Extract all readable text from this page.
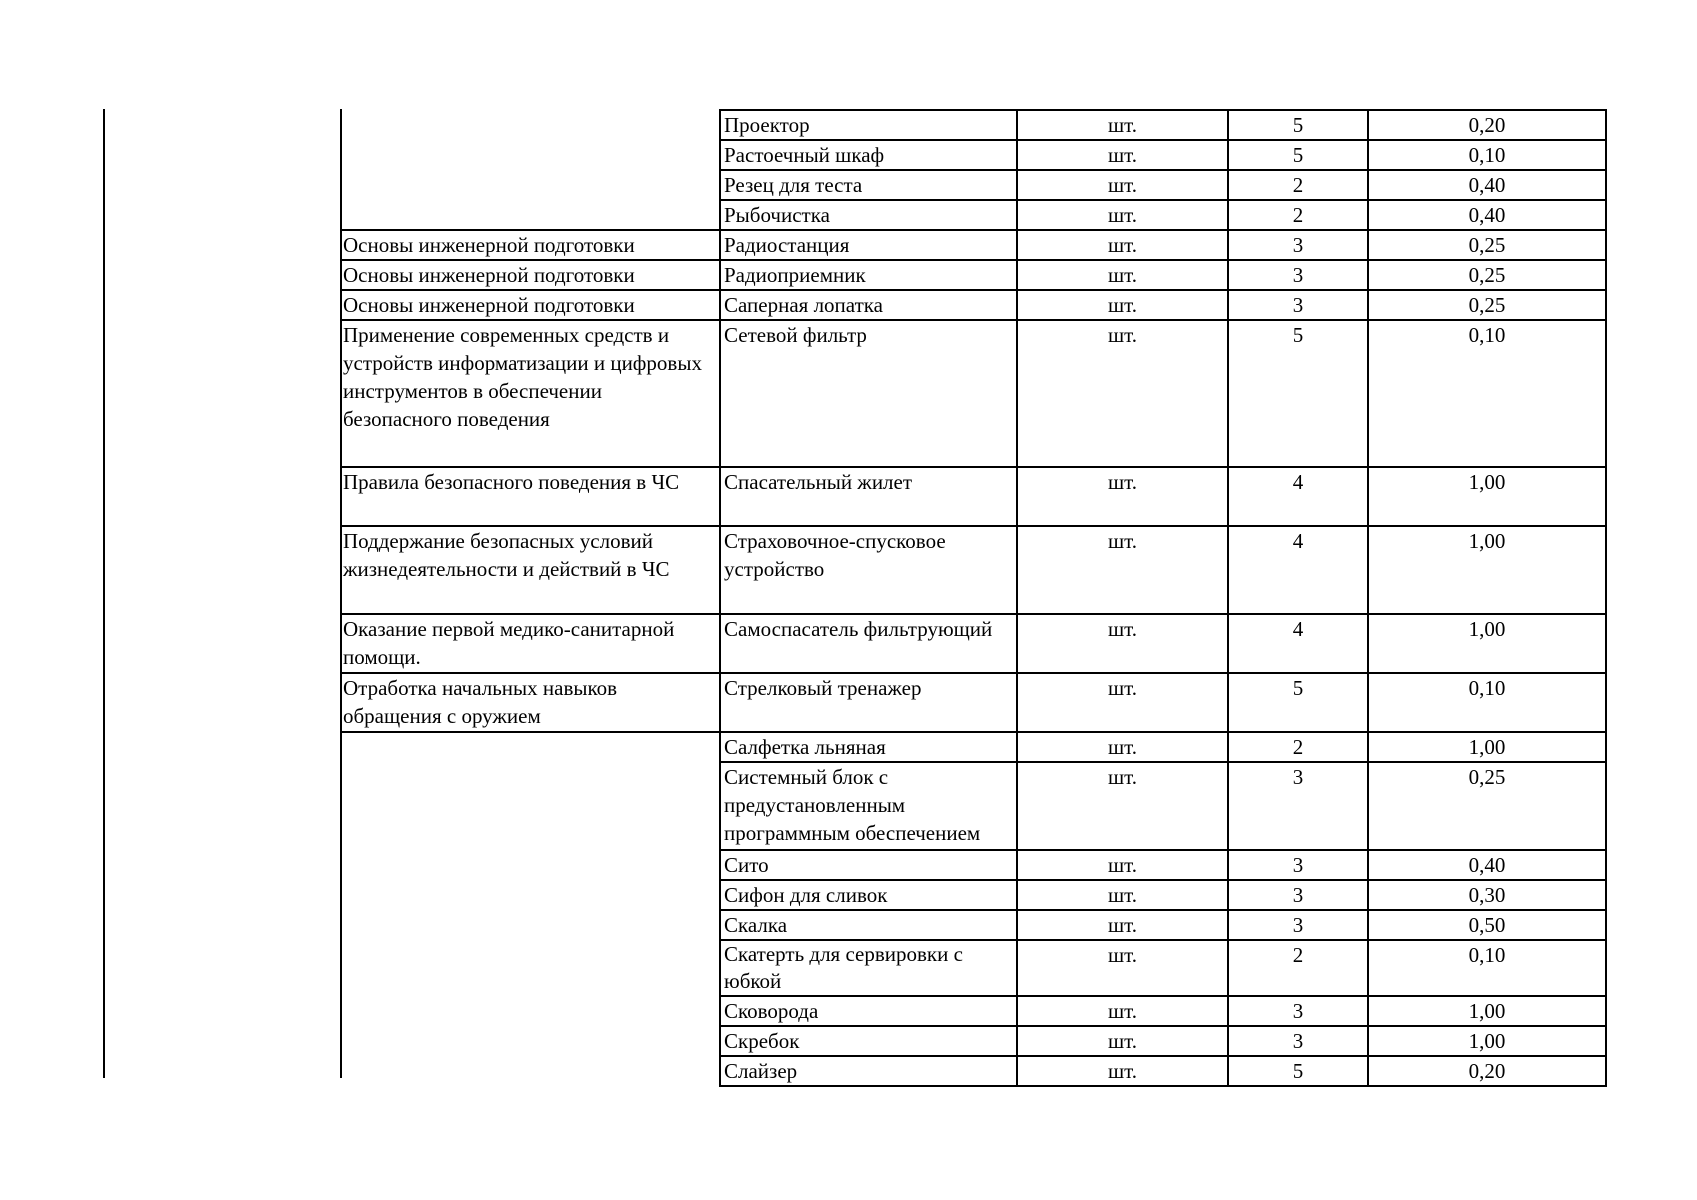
	Проектор	шт.	5	0,20
	Растоечный шкаф	шт.	5	0,10
	Резец для теста	шт.	2	0,40
	Рыбочистка	шт.	2	0,40
Основы инженерной подготовки	Радиостанция	шт.	3	0,25
Основы инженерной подготовки	Радиоприемник	шт.	3	0,25
Основы инженерной подготовки	Саперная лопатка	шт.	3	0,25
Применение современных средств и устройств информатизации и цифровых инструментов в обеспечении безопасного поведения	Сетевой фильтр	шт.	5	0,10
Правила безопасного поведения в ЧС	Спасательный жилет	шт.	4	1,00
Поддержание безопасных условий жизнедеятельности и действий в ЧС	Страховочное-спусковое устройство	шт.	4	1,00
Оказание первой медико-санитарной помощи.	Самоспасатель фильтрующий	шт.	4	1,00
Отработка начальных навыков обращения с оружием	Стрелковый тренажер	шт.	5	0,10
	Салфетка льняная	шт.	2	1,00
	Системный блок с предустановленным программным обеспечением	шт.	3	0,25
	Сито	шт.	3	0,40
	Сифон для сливок	шт.	3	0,30
	Скалка	шт.	3	0,50
	Скатерть для сервировки с юбкой	шт.	2	0,10
	Сковорода	шт.	3	1,00
	Скребок	шт.	3	1,00
	Слайзер	шт.	5	0,20
